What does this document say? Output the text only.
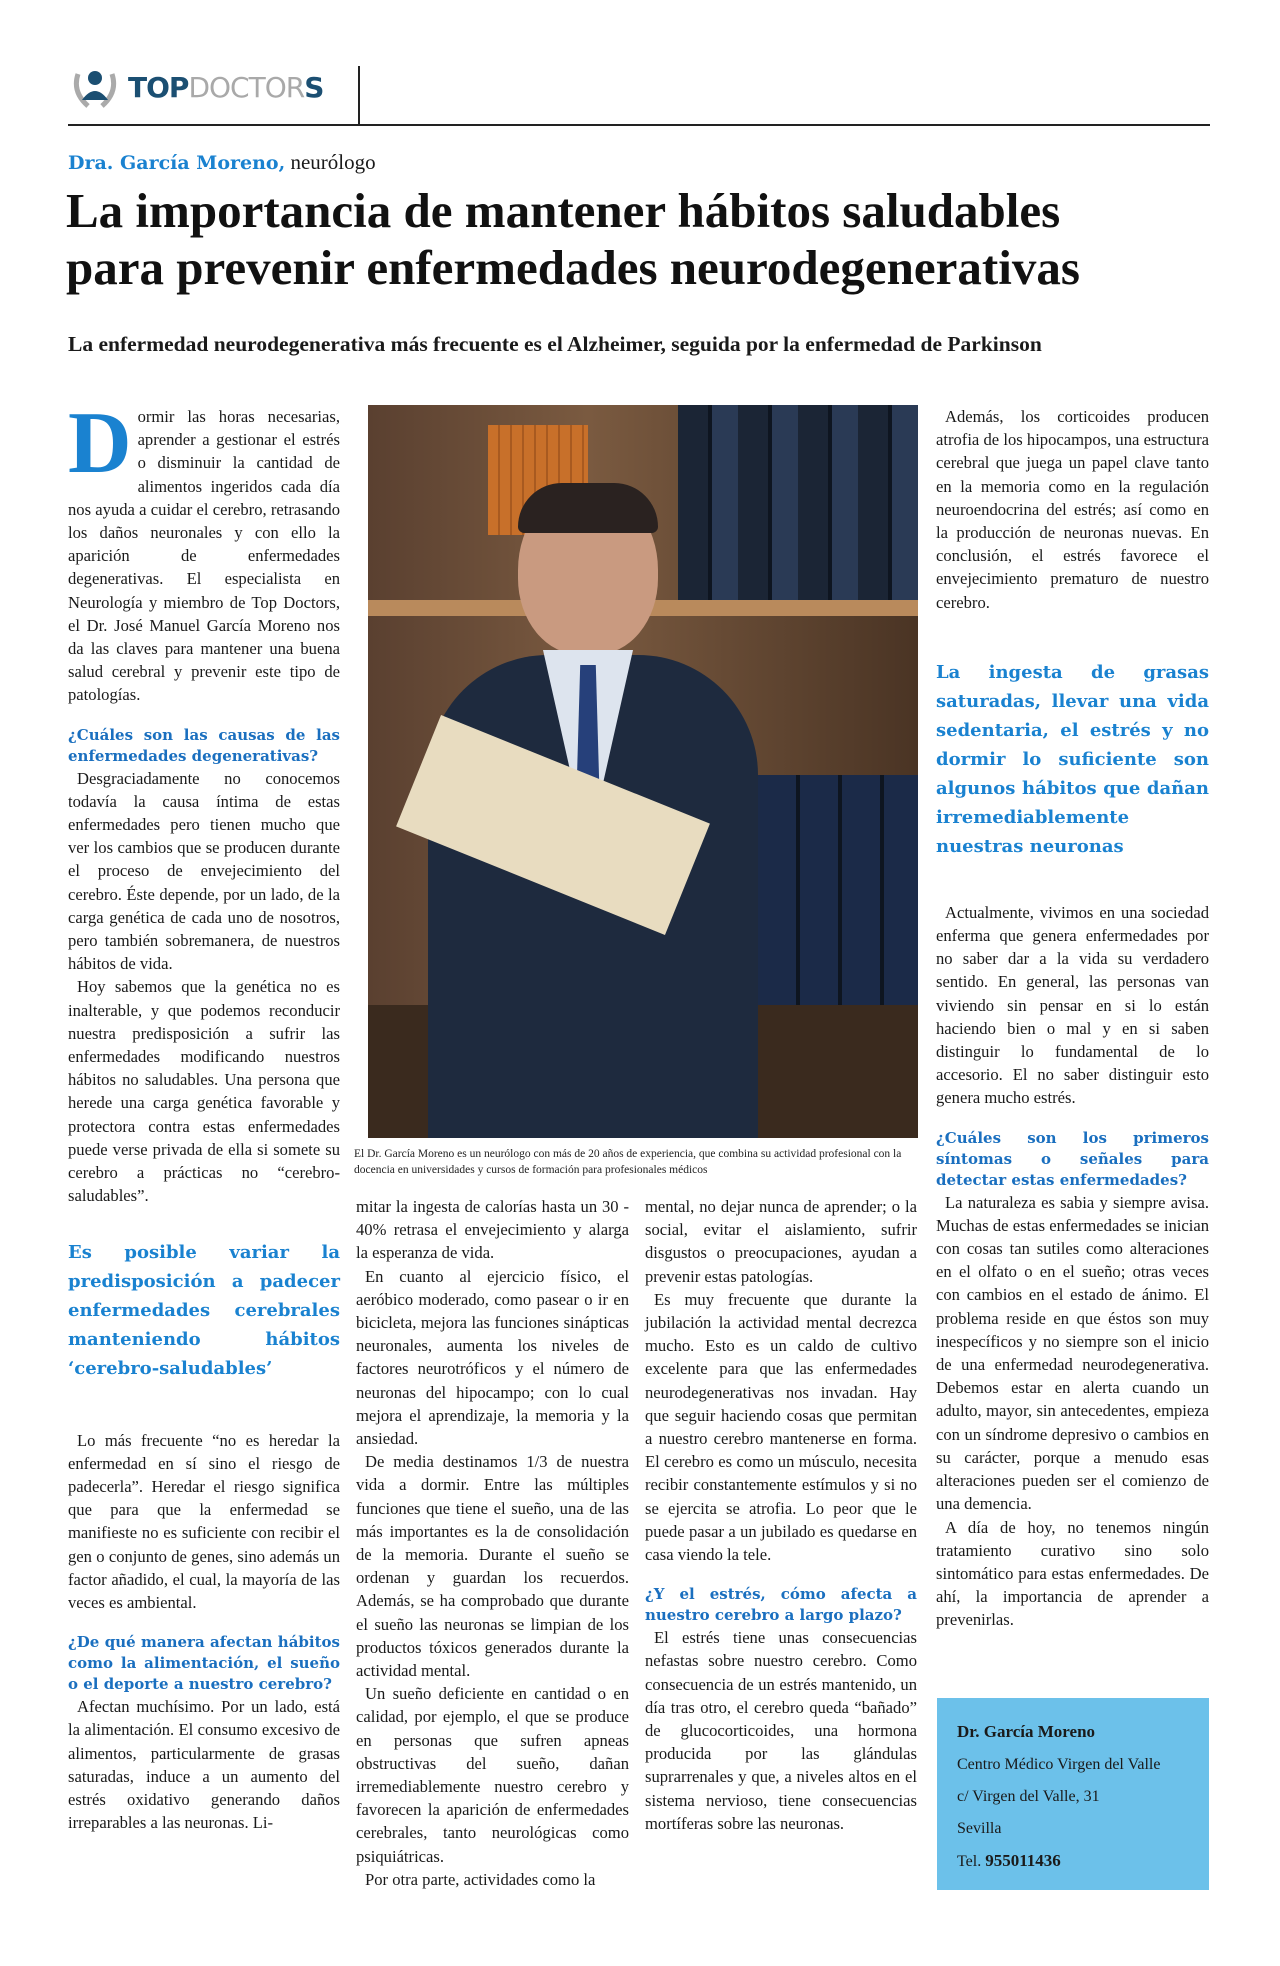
TOPDOCTORS
Dra. García Moreno, neurólogo
La importancia de mantener hábitos saludables
para prevenir enfermedades neurodegenerativas
La enfermedad neurodegenerativa más frecuente es el Alzheimer, seguida por la enfermedad de Parkinson

Dormir las horas necesarias, aprender a gestionar el estrés o disminuir la cantidad de alimentos ingeridos cada día nos ayuda a cuidar el cerebro, retrasando los daños neuronales y con ello la aparición de enfermedades degenerativas. El especialista en Neurología y miembro de Top Doctors, el Dr. José Manuel García Moreno nos da las claves para mantener una buena salud cerebral y prevenir este tipo de patologías.

¿Cuáles son las causas de las enfermedades degenerativas?

Desgraciadamente no conocemos todavía la causa íntima de estas enfermedades pero tienen mucho que ver los cambios que se producen durante el proceso de envejecimiento del cerebro. Éste depende, por un lado, de la carga genética de cada uno de nosotros, pero también sobremanera, de nuestros hábitos de vida.

Hoy sabemos que la genética no es inalterable, y que podemos reconducir nuestra predisposición a sufrir las enfermedades modificando nuestros hábitos no saludables. Una persona que herede una carga genética favorable y protectora contra estas enfermedades puede verse privada de ella si somete su cerebro a prácticas no “cerebro-saludables”.

Es posible variar la predisposición a padecer enfermedades cerebrales manteniendo hábitos ‘cerebro-saludables’

Lo más frecuente “no es heredar la enfermedad en sí sino el riesgo de padecerla”. Heredar el riesgo significa que para que la enfermedad se manifieste no es suficiente con recibir el gen o conjunto de genes, sino además un factor añadido, el cual, la mayoría de las veces es ambiental.

¿De qué manera afectan hábitos como la alimentación, el sueño o el deporte a nuestro cerebro?

Afectan muchísimo. Por un lado, está la alimentación. El consumo excesivo de alimentos, particularmente de grasas saturadas, induce a un aumento del estrés oxidativo generando daños irreparables a las neuronas. Li-

El Dr. García Moreno es un neurólogo con más de 20 años de experiencia, que combina su actividad profesional con la docencia en universidades y cursos de formación para profesionales médicos

mitar la ingesta de calorías hasta un 30 - 40% retrasa el envejecimiento y alarga la esperanza de vida.

En cuanto al ejercicio físico, el aeróbico moderado, como pasear o ir en bicicleta, mejora las funciones sinápticas neuronales, aumenta los niveles de factores neurotróficos y el número de neuronas del hipocampo; con lo cual mejora el aprendizaje, la memoria y la ansiedad.

De media destinamos 1/3 de nuestra vida a dormir. Entre las múltiples funciones que tiene el sueño, una de las más importantes es la de consolidación de la memoria. Durante el sueño se ordenan y guardan los recuerdos. Además, se ha comprobado que durante el sueño las neuronas se limpian de los productos tóxicos generados durante la actividad mental.

Un sueño deficiente en cantidad o en calidad, por ejemplo, el que se produce en personas que sufren apneas obstructivas del sueño, dañan irremediablemente nuestro cerebro y favorecen la aparición de enfermedades cerebrales, tanto neurológicas como psiquiátricas.

Por otra parte, actividades como la

mental, no dejar nunca de aprender; o la social, evitar el aislamiento, sufrir disgustos o preocupaciones, ayudan a prevenir estas patologías.

Es muy frecuente que durante la jubilación la actividad mental decrezca mucho. Esto es un caldo de cultivo excelente para que las enfermedades neurodegenerativas nos invadan. Hay que seguir haciendo cosas que permitan a nuestro cerebro mantenerse en forma. El cerebro es como un músculo, necesita recibir constantemente estímulos y si no se ejercita se atrofia. Lo peor que le puede pasar a un jubilado es quedarse en casa viendo la tele.

¿Y el estrés, cómo afecta a nuestro cerebro a largo plazo?

El estrés tiene unas consecuencias nefastas sobre nuestro cerebro. Como consecuencia de un estrés mantenido, un día tras otro, el cerebro queda “bañado” de glucocorticoides, una hormona producida por las glándulas suprarrenales y que, a niveles altos en el sistema nervioso, tiene consecuencias mortíferas sobre las neuronas.

Además, los corticoides producen atrofia de los hipocampos, una estructura cerebral que juega un papel clave tanto en la memoria como en la regulación neuroendocrina del estrés; así como en la producción de neuronas nuevas. En conclusión, el estrés favorece el envejecimiento prematuro de nuestro cerebro.

La ingesta de grasas saturadas, llevar una vida sedentaria, el estrés y no dormir lo suficiente son algunos hábitos que dañan irremediablemente nuestras neuronas

Actualmente, vivimos en una sociedad enferma que genera enfermedades por no saber dar a la vida su verdadero sentido. En general, las personas van viviendo sin pensar en si lo están haciendo bien o mal y en si saben distinguir lo fundamental de lo accesorio. El no saber distinguir esto genera mucho estrés.

¿Cuáles son los primeros síntomas o señales para detectar estas enfermedades?

La naturaleza es sabia y siempre avisa. Muchas de estas enfermedades se inician con cosas tan sutiles como alteraciones en el olfato o en el sueño; otras veces con cambios en el estado de ánimo. El problema reside en que éstos son muy inespecíficos y no siempre son el inicio de una enfermedad neurodegenerativa. Debemos estar en alerta cuando un adulto, mayor, sin antecedentes, empieza con un síndrome depresivo o cambios en su carácter, porque a menudo esas alteraciones pueden ser el comienzo de una demencia.

A día de hoy, no tenemos ningún tratamiento curativo sino solo sintomático para estas enfermedades. De ahí, la importancia de aprender a prevenirlas.

Dr. García Moreno
Centro Médico Virgen del Valle
c/ Virgen del Valle, 31
Sevilla
Tel. 955011436
